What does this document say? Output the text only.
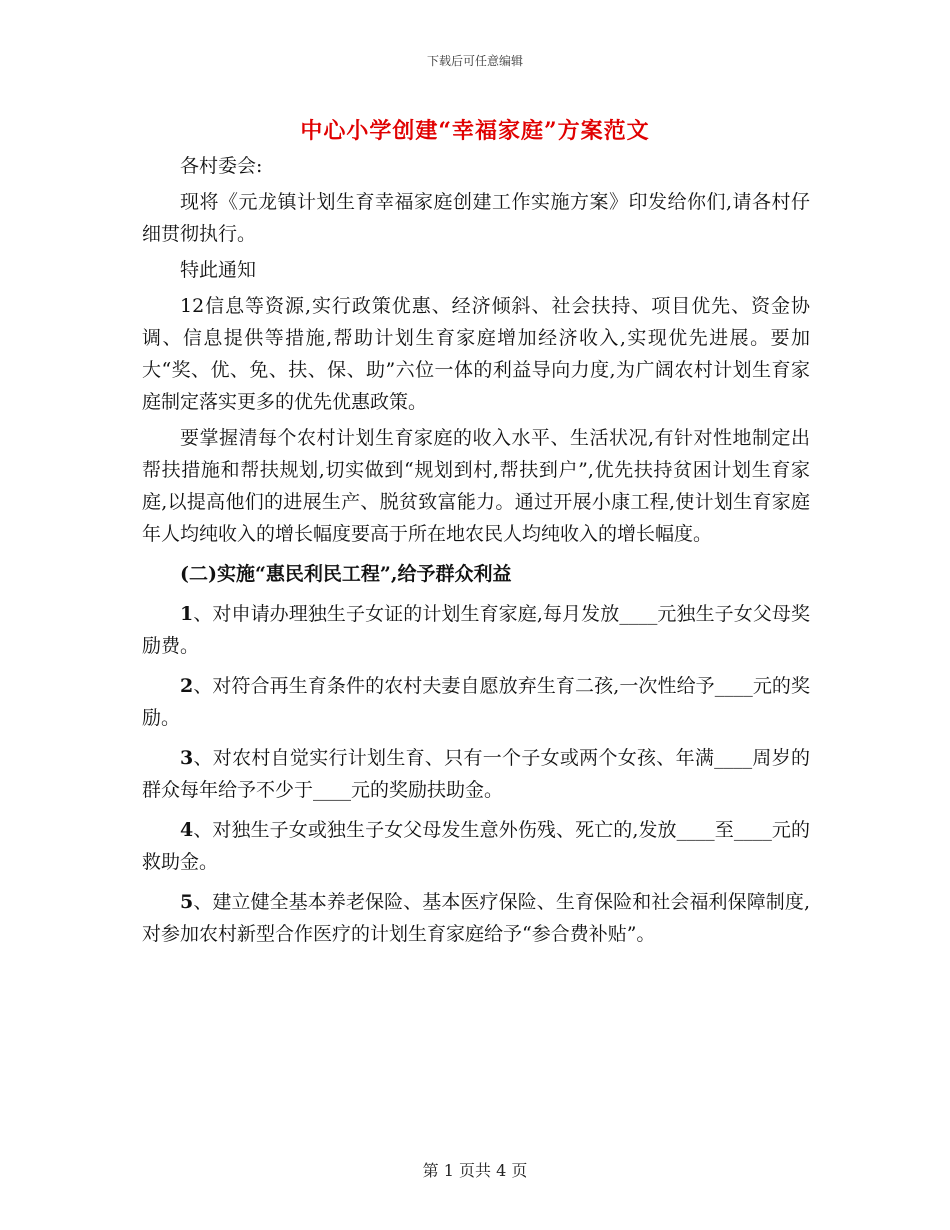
下载后可任意编辑
中心小学创建“幸福家庭”方案范文

各村委会:

现将《元龙镇计划生育幸福家庭创建工作实施方案》印发给你们,请各村仔细贯彻执行。

特此通知

12信息等资源,实行政策优惠、经济倾斜、社会扶持、项目优先、资金协调、信息提供等措施,帮助计划生育家庭增加经济收入,实现优先进展。要加大“奖、优、免、扶、保、助”六位一体的利益导向力度,为广阔农村计划生育家庭制定落实更多的优先优惠政策。

要掌握清每个农村计划生育家庭的收入水平、生活状况,有针对性地制定出帮扶措施和帮扶规划,切实做到“规划到村,帮扶到户”,优先扶持贫困计划生育家庭,以提高他们的进展生产、脱贫致富能力。通过开展小康工程,使计划生育家庭年人均纯收入的增长幅度要高于所在地农民人均纯收入的增长幅度。

(二)实施“惠民利民工程”,给予群众利益

1、对申请办理独生子女证的计划生育家庭,每月发放____元独生子女父母奖励费。

2、对符合再生育条件的农村夫妻自愿放弃生育二孩,一次性给予____元的奖励。

3、对农村自觉实行计划生育、只有一个子女或两个女孩、年满____周岁的群众每年给予不少于____元的奖励扶助金。

4、对独生子女或独生子女父母发生意外伤残、死亡的,发放____至____元的救助金。

5、建立健全基本养老保险、基本医疗保险、生育保险和社会福利保障制度,对参加农村新型合作医疗的计划生育家庭给予“参合费补贴”。

第 1 页共 4 页
